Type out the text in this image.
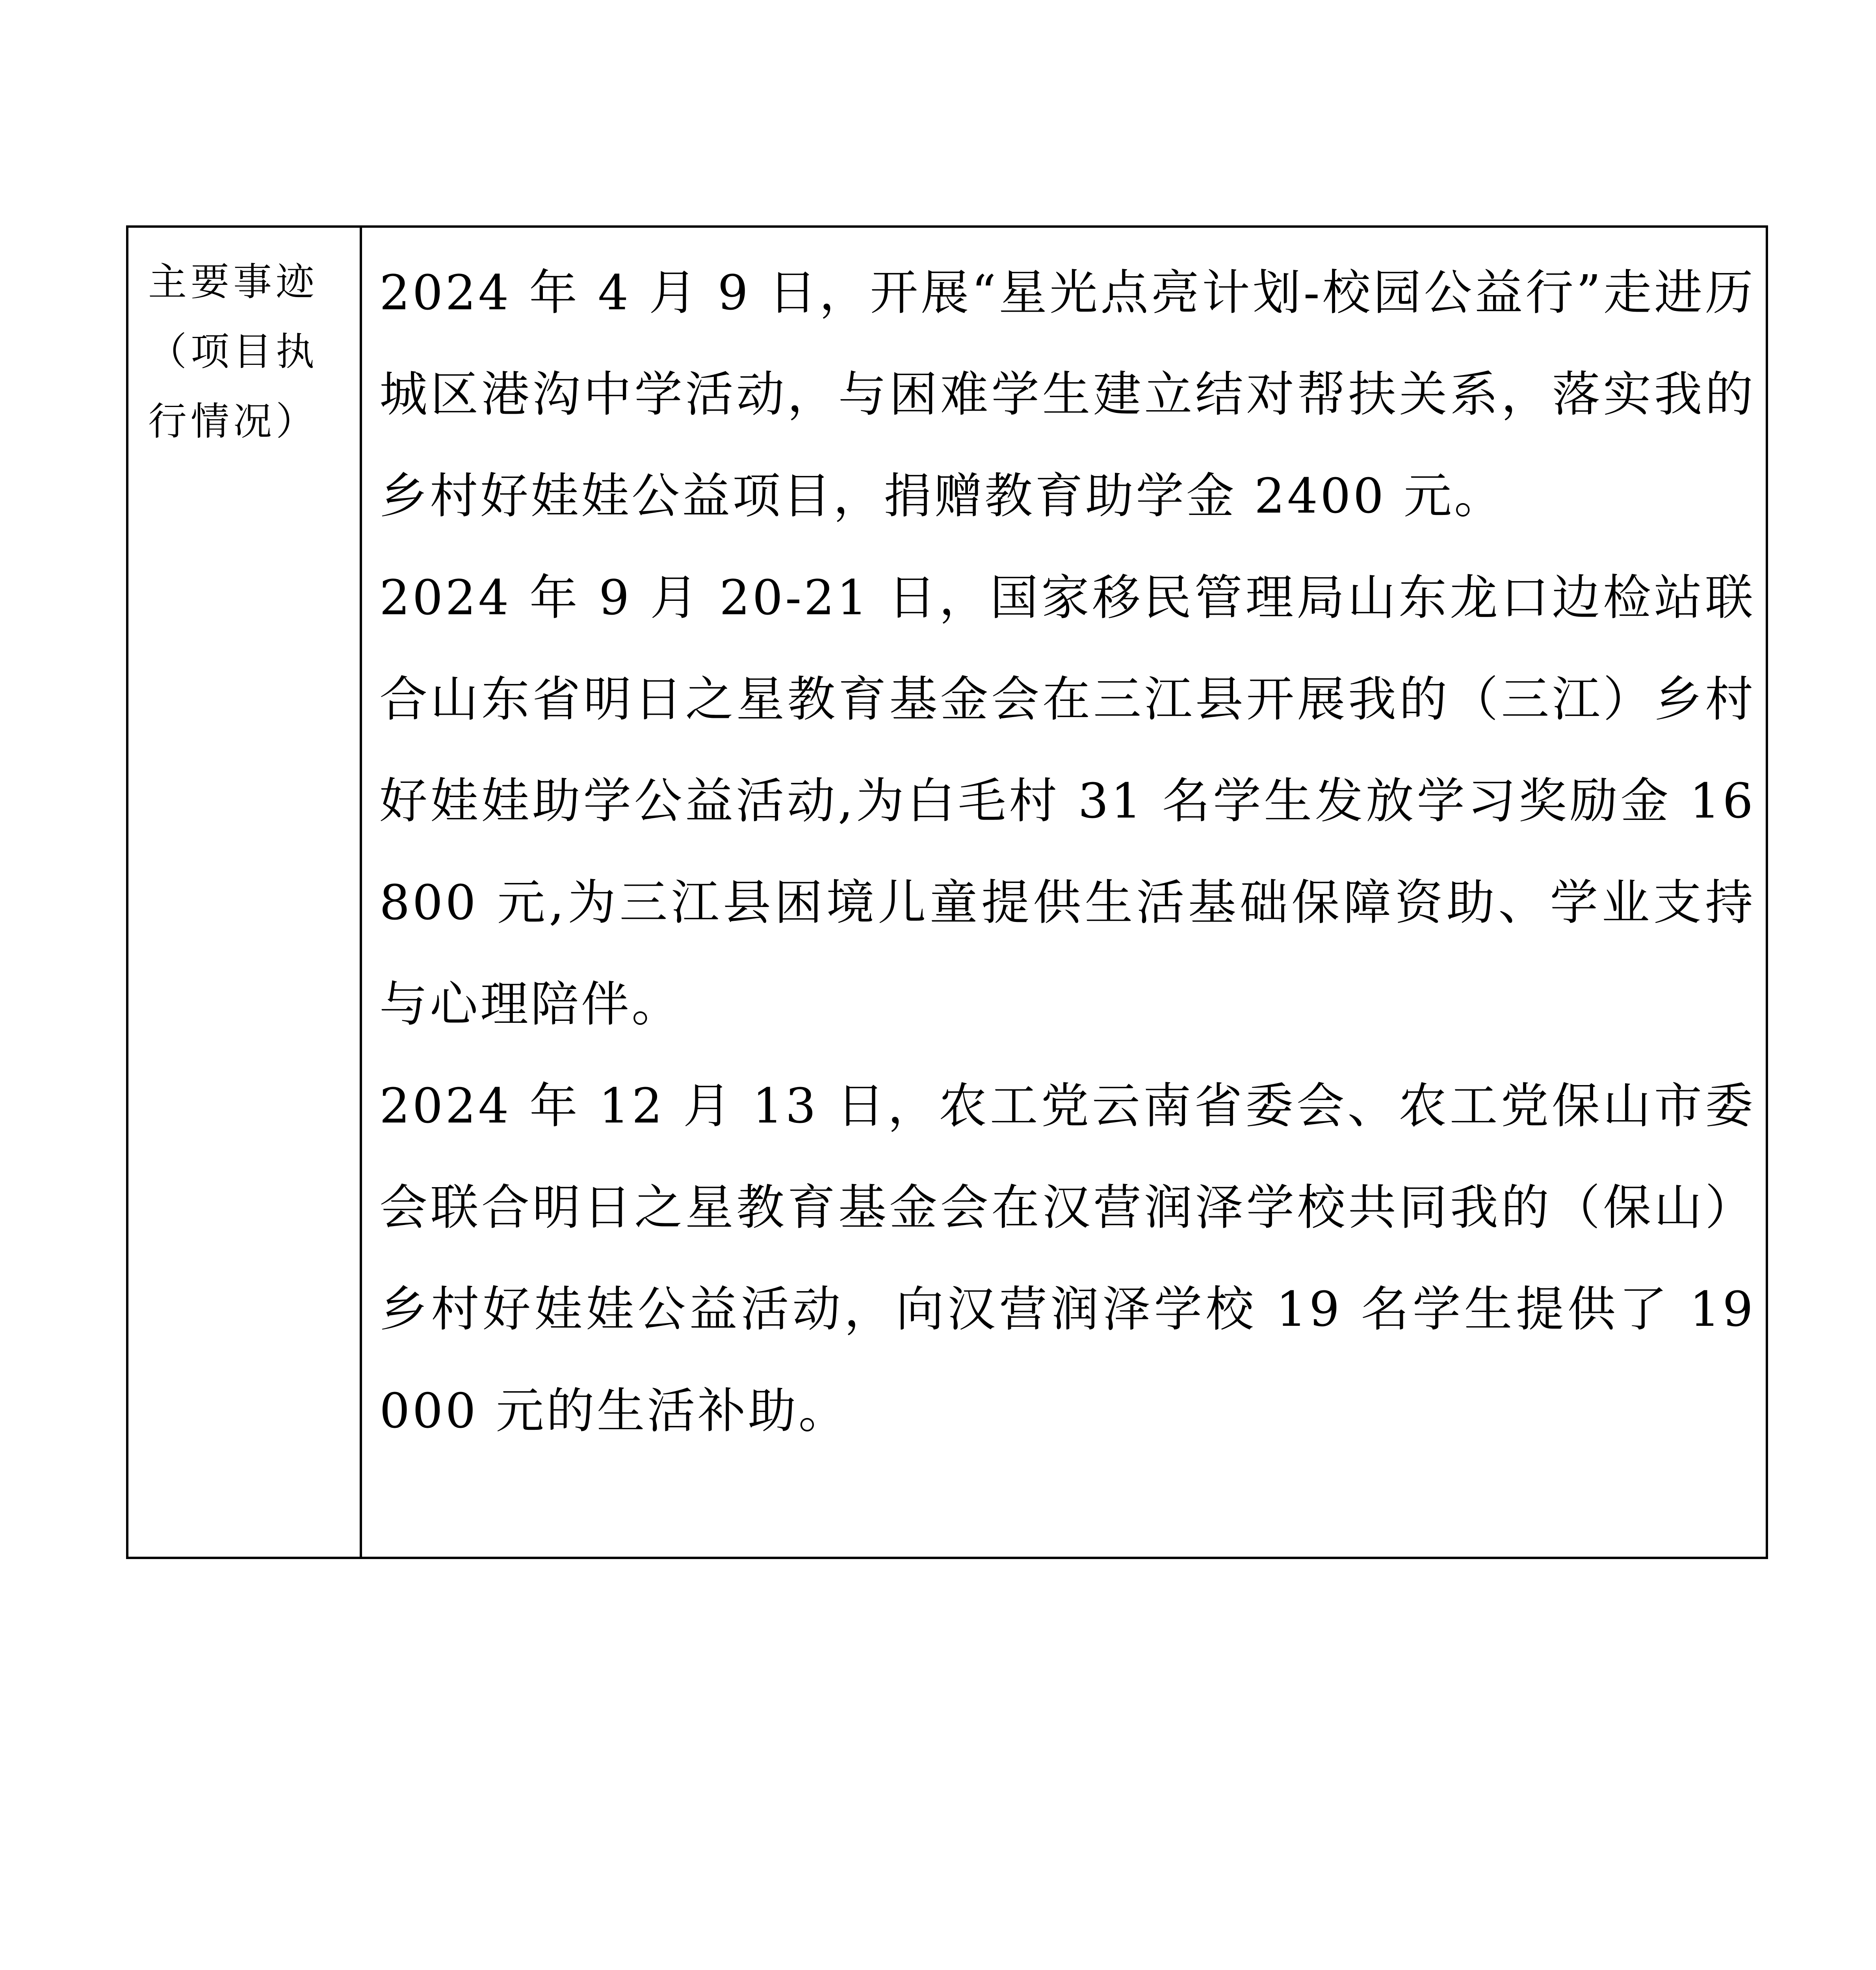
主要事迹

（项目执

行情况）

2024 年 4 月 9 日，开展“星光点亮计划-校园公益行”走进历城区港沟中学活动，与困难学生建立结对帮扶关系，落实我的乡村好娃娃公益项目，捐赠教育助学金 2400 元。

2024 年 9 月 20-21 日，国家移民管理局山东龙口边检站联合山东省明日之星教育基金会在三江县开展我的（三江）乡村好娃娃助学公益活动,为白毛村 31 名学生发放学习奖励金 16800 元,为三江县困境儿童提供生活基础保障资助、学业支持与心理陪伴。

2024 年 12 月 13 日，农工党云南省委会、农工党保山市委会联合明日之星教育基金会在汉营润泽学校共同我的（保山）乡村好娃娃公益活动，向汉营润泽学校 19 名学生提供了 19000 元的生活补助。
